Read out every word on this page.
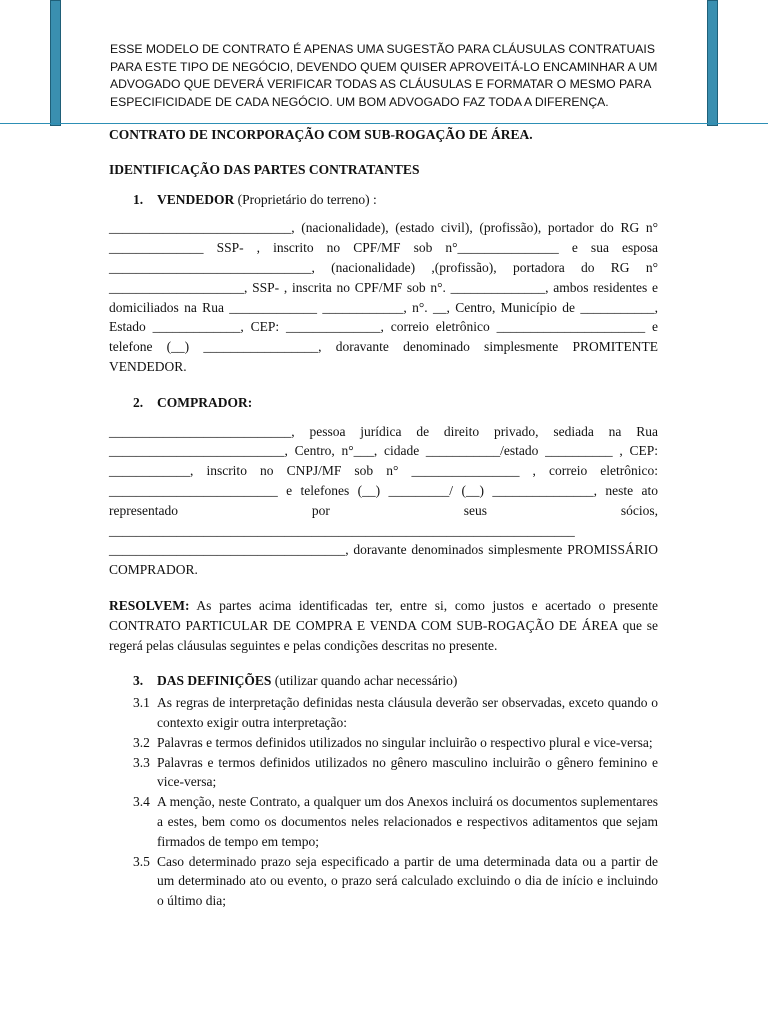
ESSE MODELO DE CONTRATO É APENAS UMA SUGESTÃO PARA CLÁUSULAS CONTRATUAIS PARA ESTE TIPO DE NEGÓCIO, DEVENDO QUEM QUISER APROVEITÁ-LO ENCAMINHAR A UM ADVOGADO QUE DEVERÁ VERIFICAR TODAS AS CLÁUSULAS E FORMATAR O MESMO PARA ESPECIFICIDADE DE CADA NEGÓCIO. UM BOM ADVOGADO FAZ TODA A DIFERENÇA.
CONTRATO DE INCORPORAÇÃO COM SUB-ROGAÇÃO DE ÁREA.
IDENTIFICAÇÃO DAS PARTES CONTRATANTES
1. VENDEDOR (Proprietário do terreno) :
___________________________, (nacionalidade), (estado civil), (profissão), portador do RG n° ______________ SSP- , inscrito no CPF/MF sob n°_______________ e sua esposa ______________________________, (nacionalidade) ,(profissão), portadora do RG n° ____________________, SSP- , inscrita no CPF/MF sob n°. ______________, ambos residentes e domiciliados na Rua _____________ ____________, n°. __, Centro, Município de ___________, Estado _____________, CEP: ______________, correio eletrônico ______________________ e telefone (__) _________________, doravante denominado simplesmente PROMITENTE VENDEDOR.
2. COMPRADOR:
___________________________, pessoa jurídica de direito privado, sediada na Rua __________________________, Centro, n°___, cidade ___________/estado __________ , CEP: ____________, inscrito no CNPJ/MF sob n° ________________ , correio eletrônico: _________________________ e telefones (__) _________/ (__) _______________, neste ato representado por seus sócios, _____________________________________________________________________ ___________________________________, doravante denominados simplesmente PROMISSÁRIO COMPRADOR.
RESOLVEM: As partes acima identificadas ter, entre si, como justos e acertado o presente CONTRATO PARTICULAR DE COMPRA E VENDA COM SUB-ROGAÇÃO DE ÁREA que se regerá pelas cláusulas seguintes e pelas condições descritas no presente.
3. DAS DEFINIÇÕES (utilizar quando achar necessário)
3.1 As regras de interpretação definidas nesta cláusula deverão ser observadas, exceto quando o contexto exigir outra interpretação:
3.2 Palavras e termos definidos utilizados no singular incluirão o respectivo plural e vice-versa;
3.3 Palavras e termos definidos utilizados no gênero masculino incluirão o gênero feminino e vice-versa;
3.4 A menção, neste Contrato, a qualquer um dos Anexos incluirá os documentos suplementares a estes, bem como os documentos neles relacionados e respectivos aditamentos que sejam firmados de tempo em tempo;
3.5 Caso determinado prazo seja especificado a partir de uma determinada data ou a partir de um determinado ato ou evento, o prazo será calculado excluindo o dia de início e incluindo o último dia;
